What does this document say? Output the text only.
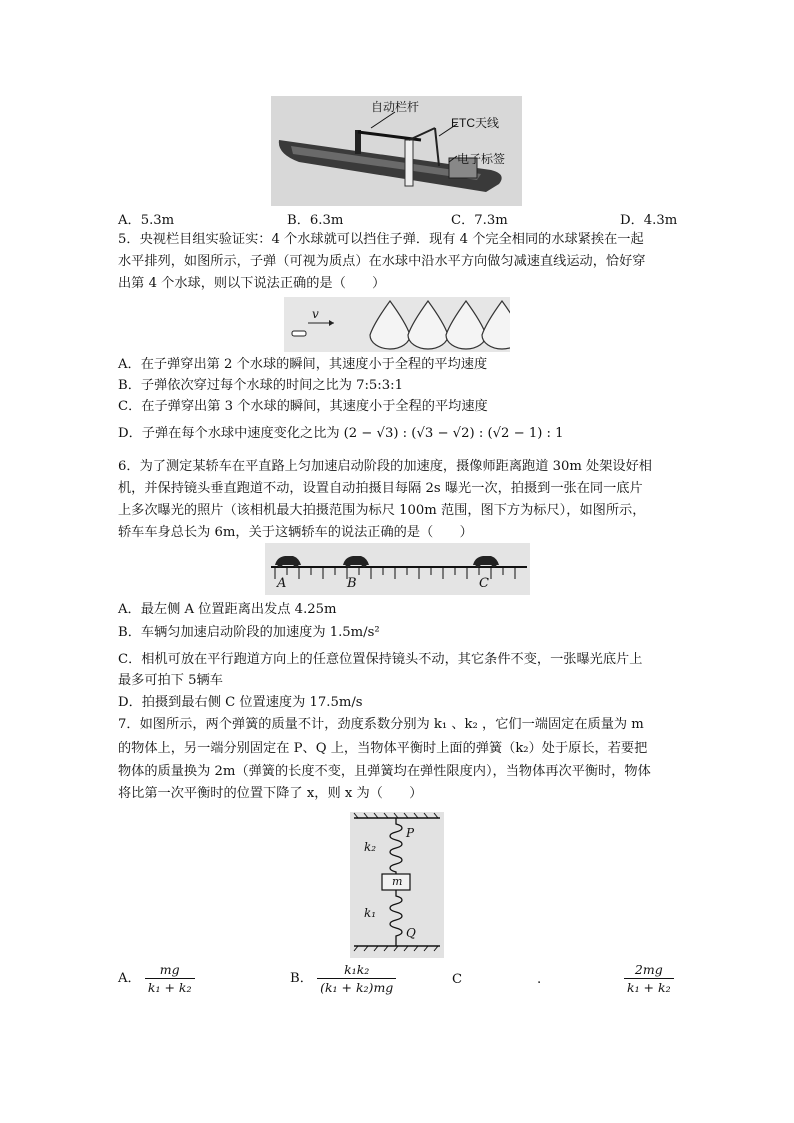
自动栏杆
ETC天线
电子标签
A．5.3m	B．6.3m	C．7.3m	D．4.3m
5．央视栏目组实验证实：4 个水球就可以挡住子弹．现有 4 个完全相同的水球紧挨在一起
水平排列，如图所示，子弹（可视为质点）在水球中沿水平方向做匀减速直线运动，恰好穿
出第 4 个水球，则以下说法正确的是（　　）
v
A．在子弹穿出第 2 个水球的瞬间，其速度小于全程的平均速度
B．子弹依次穿过每个水球的时间之比为 7:5:3:1
C．在子弹穿出第 3 个水球的瞬间，其速度小于全程的平均速度
D．子弹在每个水球中速度变化之比为 (2 − √3) : (√3 − √2) : (√2 − 1) : 1
6．为了测定某轿车在平直路上匀加速启动阶段的加速度，摄像师距离跑道 30m 处架设好相
机，并保持镜头垂直跑道不动，设置自动拍摄目每隔 2s 曝光一次，拍摄到一张在同一底片
上多次曝光的照片（该相机最大拍摄范围为标尺 100m 范围，图下方为标尺），如图所示，
轿车车身总长为 6m，关于这辆轿车的说法正确的是（　　）
A	B	C
A．最左侧 A 位置距离出发点 4.25m
B．车辆匀加速启动阶段的加速度为 1.5m/s²
C．相机可放在平行跑道方向上的任意位置保持镜头不动，其它条件不变，一张曝光底片上
最多可拍下 5辆车
D．拍摄到最右侧 C 位置速度为 17.5m/s
7．如图所示，两个弹簧的质量不计，劲度系数分别为 k₁ 、k₂ ，它们一端固定在质量为 m
的物体上，另一端分别固定在 P、Q 上，当物体平衡时上面的弹簧（k₂）处于原长，若要把
物体的质量换为 2m（弹簧的长度不变，且弹簧均在弹性限度内），当物体再次平衡时，物体
将比第一次平衡时的位置下降了 x，则 x 为（　　）
k₂
P
m
k₁
Q
A． $\frac{mg}{\text{k₁ + k₂}}$	B． $\frac{\text{k₁k₂}}{\text{(k₁ + k₂)mg}}$	C	.	$\frac{2mg}{\text{k₁ + k₂}}$
